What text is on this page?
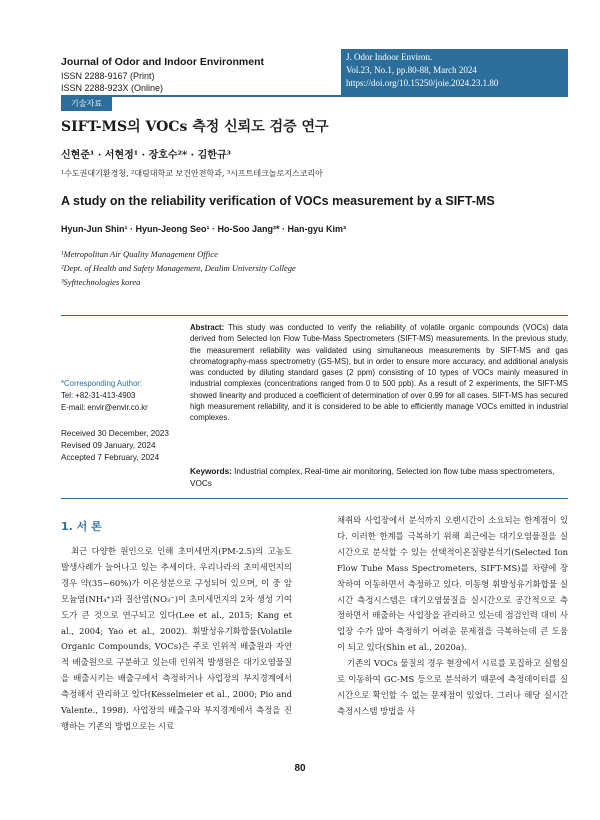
Journal of Odor and Indoor Environment
ISSN 2288-9167 (Print)
ISSN 2288-923X (Online)
J. Odor Indoor Environ.
Vol.23, No.1, pp.80-88, March 2024
https://doi.org/10.15250/joie.2024.23.1.80
기술자료
SIFT-MS의 VOCs 측정 신뢰도 검증 연구
신현준¹ · 서현정¹ · 장호수²* · 김한규³
¹수도권대기환경청, ²대림대학교 보건안전학과, ³시프트테크놀로지스코리아
A study on the reliability verification of VOCs measurement by a SIFT-MS
Hyun-Jun Shin¹ · Hyun-Jeong Seo¹ · Ho-Soo Jang²* · Han-gyu Kim³
¹Metropolitan Air Quality Management Office
²Dept. of Health and Safety Management, Dealim University College
³Syfttechnologies korea
*Corresponding Author:
Tel: +82-31-413-4903
E-mail: envir@envir.co.kr
Received 30 December, 2023
Revised 09 January, 2024
Accepted 7 February, 2024
Abstract: This study was conducted to verify the reliability of volatile organic compounds (VOCs) data derived from Selected Ion Flow Tube-Mass Spectrometers (SIFT-MS) measurements. In the previous study, the measurement reliability was validated using simultaneous measurements by SIFT-MS and gas chromatography-mass spectrometry (GS-MS), but in order to ensure more accuracy, and additional analysis was conducted by diluting standard gases (2 ppm) consisting of 10 types of VOCs mainly measured in industrial complexes (concentrations ranged from 0 to 500 ppb). As a result of 2 experiments, the SIFT-MS showed linearity and produced a coefficient of determination of over 0.99 for all cases. SIFT-MS has secured high measurement reliability, and it is considered to be able to efficiently manage VOCs emitted in industrial complexes.
Keywords: Industrial complex, Real-time air monitoring, Selected ion flow tube mass spectrometers, VOCs
1. 서 론

최근 다양한 원인으로 인해 초미세먼지(PM-2.5)의 고농도 발생사례가 늘어나고 있는 추세이다. 우리나라의 초미세먼지의 경우 약(35~60%)가 이온성분으로 구성되어 있으며, 이 중 암모늄염(NH₄⁺)과 질산염(NO₃⁻)이 초미세먼지의 2차 생성 기여도가 큰 것으로 연구되고 있다(Lee et al., 2015; Kang et al., 2004; Yao et al., 2002). 휘발성유기화합물(Volatile Organic Compounds, VOCs)은 주로 인위적 배출원과 자연적 배출원으로 구분하고 있는데 인위적 발생원은 대기오염물질을 배출시키는 배출구에서 측정하거나 사업장의 부지경계에서 측정해서 관리하고 있다(Kesselmeier et al., 2000; Pio and Valente., 1998). 사업장의 배출구와 부지경계에서 측정을 진행하는 기존의 방법으로는 시료

채취와 사업장에서 분석까지 오랜시간이 소요되는 한계점이 있다. 이러한 한계를 극복하기 위해 최근에는 대기오염물질을 실시간으로 분석할 수 있는 선택적이온질량분석기(Selected Ion Flow Tube Mass Spectrometers, SIFT-MS)를 차량에 장착하여 이동하면서 측정하고 있다. 이동형 휘발성유기화합물 실시간 측정시스템은 대기오염물질을 실시간으로 공간적으로 측정하면서 배출하는 사업장을 관리하고 있는데 점검인력 대비 사업장 수가 많아 측정하기 어려운 문제점을 극복하는데 큰 도움이 되고 있다(Shin et al., 2020a).

기존의 VOCs 물질의 경우 현장에서 시료를 포집하고 실험실로 이동하여 GC-MS 등으로 분석하기 때문에 측정데이터를 실시간으로 확인할 수 없는 문제점이 있었다. 그러나 해당 실시간 측정시스템 방법을 사

80
